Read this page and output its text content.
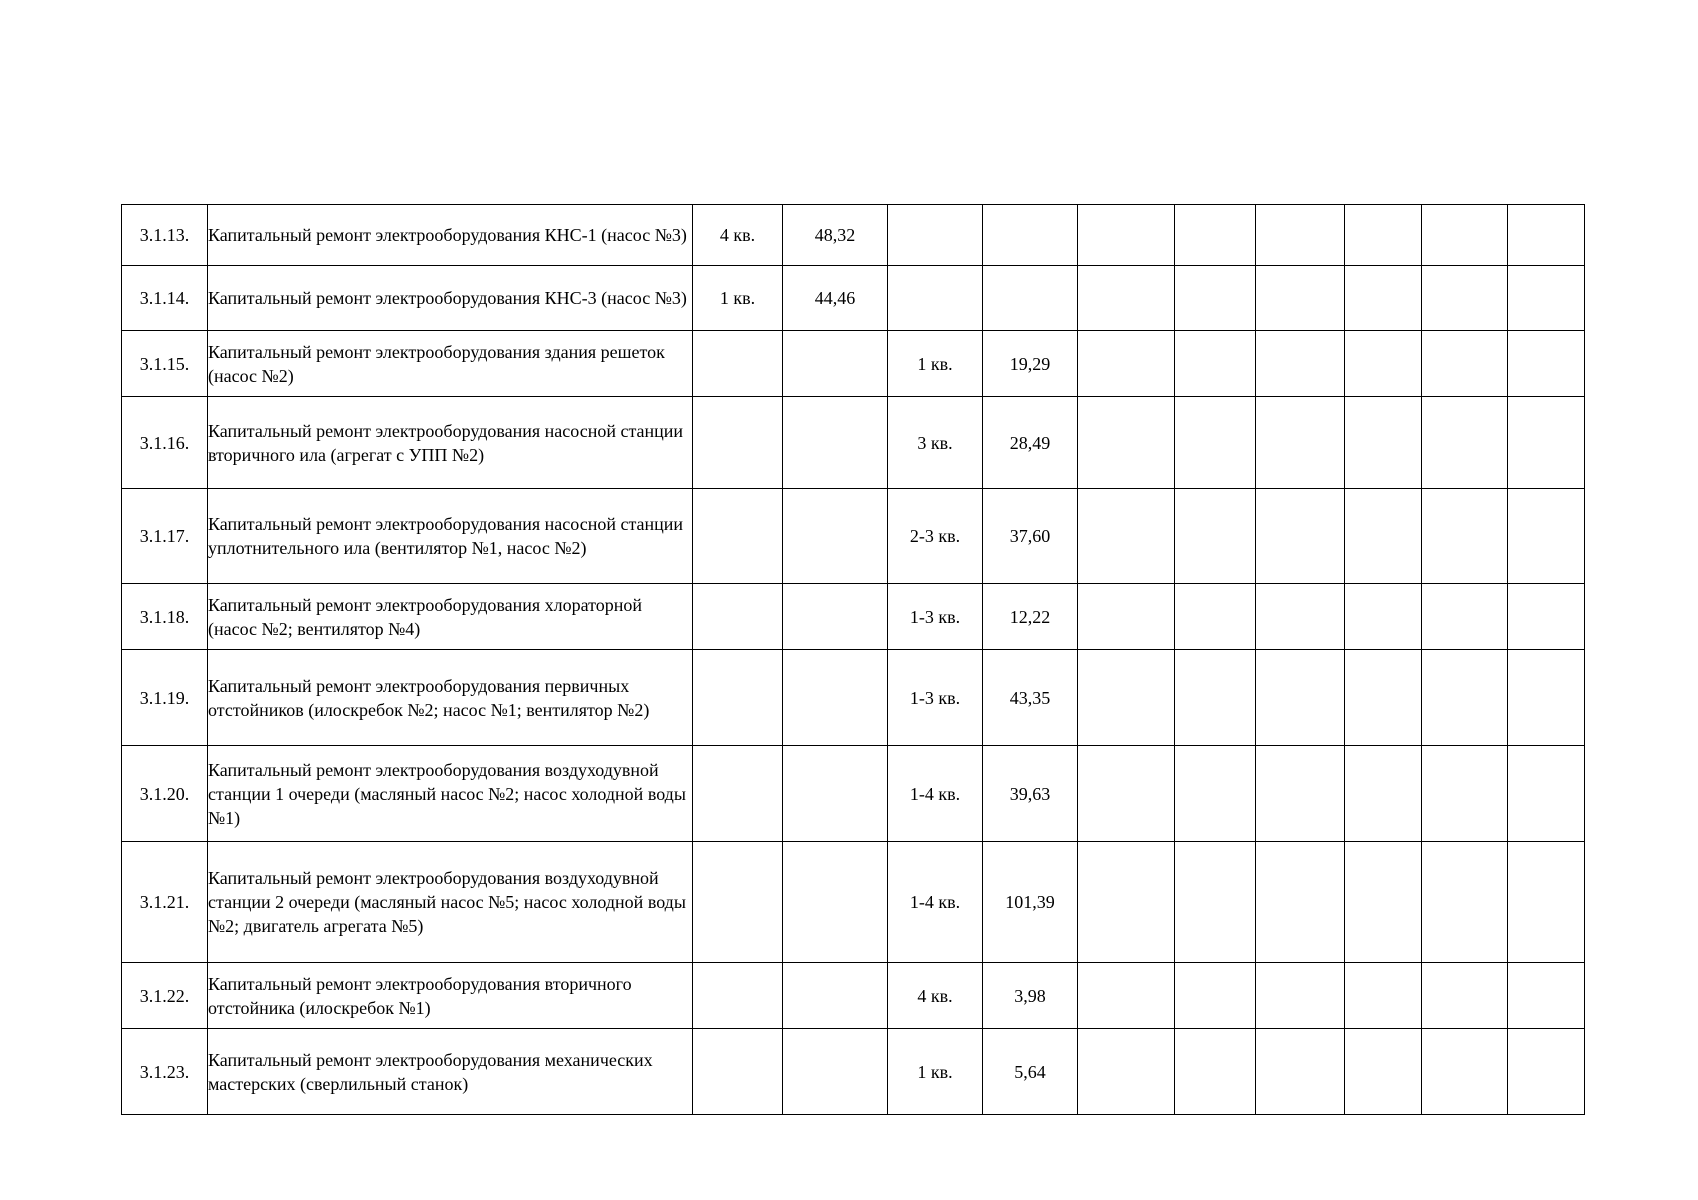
3.1.13.	Капитальный ремонт электрооборудования КНС-1 (насос №3)	4 кв.	48,32								
3.1.14.	Капитальный ремонт электрооборудования КНС-3 (насос №3)	1 кв.	44,46								
3.1.15.	Капитальный ремонт электрооборудования здания решеток (насос №2)			1 кв.	19,29						
3.1.16.	Капитальный ремонт электрооборудования насосной станции вторичного ила (агрегат с УПП №2)			3 кв.	28,49						
3.1.17.	Капитальный ремонт электрооборудования насосной станции уплотнительного ила (вентилятор №1, насос №2)			2-3 кв.	37,60						
3.1.18.	Капитальный ремонт электрооборудования хлораторной (насос №2; вентилятор №4)			1-3 кв.	12,22						
3.1.19.	Капитальный ремонт электрооборудования первичных отстойников (илоскребок №2; насос №1; вентилятор №2)			1-3 кв.	43,35						
3.1.20.	Капитальный ремонт электрооборудования воздуходувной станции 1 очереди (масляный насос №2; насос холодной воды №1)			1-4 кв.	39,63						
3.1.21.	Капитальный ремонт электрооборудования воздуходувной станции 2 очереди (масляный насос №5; насос холодной воды №2; двигатель агрегата №5)			1-4 кв.	101,39						
3.1.22.	Капитальный ремонт электрооборудования вторичного отстойника (илоскребок №1)			4 кв.	3,98						
3.1.23.	Капитальный ремонт электрооборудования механических мастерских (сверлильный станок)			1 кв.	5,64						
